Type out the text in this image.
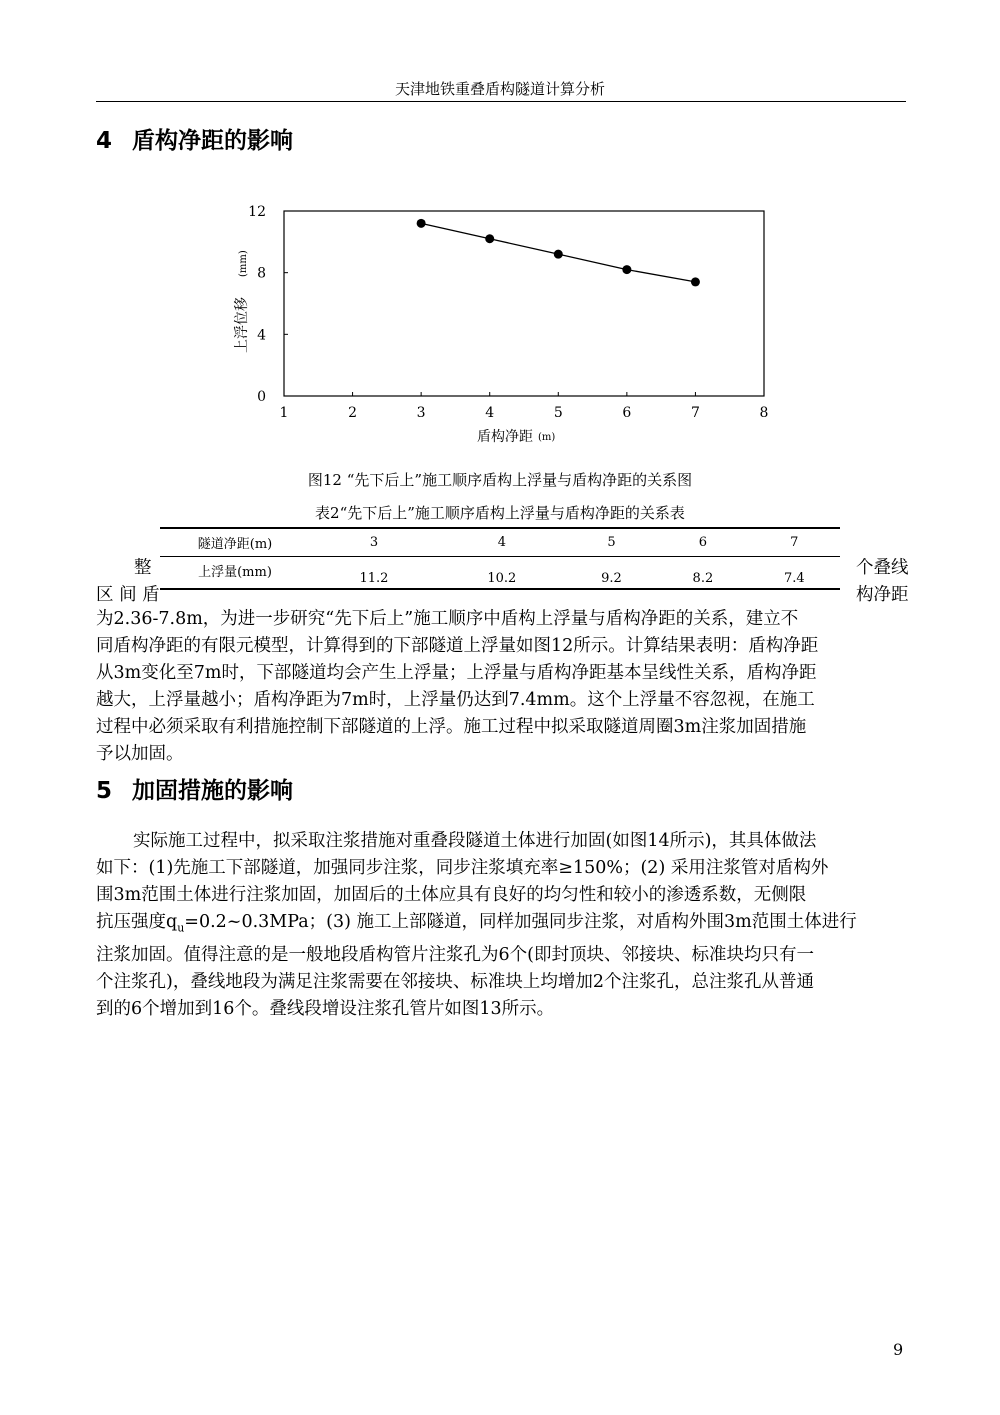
天津地铁重叠盾构隧道计算分析
4 盾构净距的影响
1	2	3	4	5	6	7	8
0
4
8
12
盾构净距 (m)
上浮位移
(mm)
图12 “先下后上”施工顺序盾构上浮量与盾构净距的关系图
表2“先下后上”施工顺序盾构上浮量与盾构净距的关系表
隧道净距(m)	3	4	5	6	7
上浮量(mm)	11.2	10.2	9.2	8.2	7.4
整	个叠线
区 间 盾	构净距

为2.36-7.8m，为进一步研究“先下后上”施工顺序中盾构上浮量与盾构净距的关系，建立不

同盾构净距的有限元模型，计算得到的下部隧道上浮量如图12所示。计算结果表明：盾构净距

从3m变化至7m时，下部隧道均会产生上浮量；上浮量与盾构净距基本呈线性关系，盾构净距

越大，上浮量越小；盾构净距为7m时，上浮量仍达到7.4mm。这个上浮量不容忽视，在施工

过程中必须采取有利措施控制下部隧道的上浮。施工过程中拟采取隧道周圈3m注浆加固措施

予以加固。

5 加固措施的影响

实际施工过程中，拟采取注浆措施对重叠段隧道土体进行加固(如图14所示)，其具体做法

如下：(1)先施工下部隧道，加强同步注浆，同步注浆填充率≥150%；(2) 采用注浆管对盾构外

围3m范围土体进行注浆加固，加固后的土体应具有良好的均匀性和较小的渗透系数，无侧限

抗压强度$q_u=0.2\sim 0.3MPa$；(3) 施工上部隧道，同样加强同步注浆，对盾构外围3m范围土体进行

注浆加固。值得注意的是一般地段盾构管片注浆孔为6个(即封顶块、邻接块、标准块均只有一

个注浆孔)，叠线地段为满足注浆需要在邻接块、标准块上均增加2个注浆孔，总注浆孔从普通

到的6个增加到16个。叠线段增设注浆孔管片如图13所示。

9
